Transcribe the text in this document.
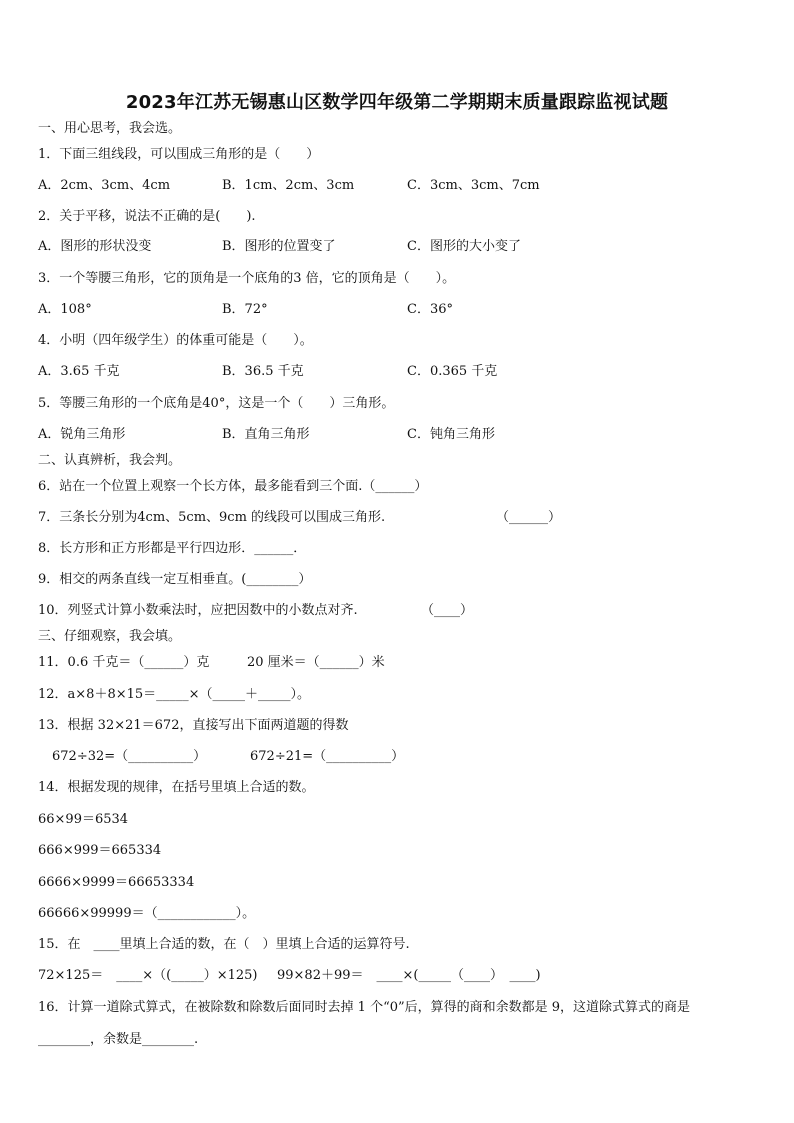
2023年江苏无锡惠山区数学四年级第二学期期末质量跟踪监视试题
一、用心思考，我会选。
1．下面三组线段，可以围成三角形的是（　　）
A．2cm、3cm、4cm	B．1cm、2cm、3cm	C．3cm、3cm、7cm
2．关于平移，说法不正确的是(　　).
A．图形的形状没变	B．图形的位置变了	C．图形的大小变了
3．一个等腰三角形，它的顶角是一个底角的3 倍，它的顶角是（　　）。
A．108°	B．72°	C．36°
4．小明（四年级学生）的体重可能是（　　）。
A．3.65 千克	B．36.5 千克	C．0.365 千克
5．等腰三角形的一个底角是40°，这是一个（　　）三角形。
A．锐角三角形	B．直角三角形	C．钝角三角形
二、认真辨析，我会判。
6．站在一个位置上观察一个长方体，最多能看到三个面.（______）
7．三条长分别为4cm、5cm、9cm 的线段可以围成三角形.	（______）
8．长方形和正方形都是平行四边形．______．
9．相交的两条直线一定互相垂直。(________）
10．列竖式计算小数乘法时，应把因数中的小数点对齐.	（____）
三、仔细观察，我会填。
11．0.6 千克＝（______）克	20 厘米＝（______）米
12．a×8＋8×15＝_____×（_____＋_____）。
13．根据 32×21＝672，直接写出下面两道题的得数
672÷32=（__________）	672÷21=（__________）
14．根据发现的规律，在括号里填上合适的数。
66×99＝6534
666×999＝665334
6666×9999＝66653334
66666×99999＝（____________）。
15．在　____里填上合适的数，在（　）里填上合适的运算符号.
72×125＝　____×（(_____）×125) 99×82＋99＝　____×(_____（____）　____)
16．计算一道除式算式，在被除数和除数后面同时去掉 1 个“0”后，算得的商和余数都是 9，这道除式算式的商是
________，余数是________.
